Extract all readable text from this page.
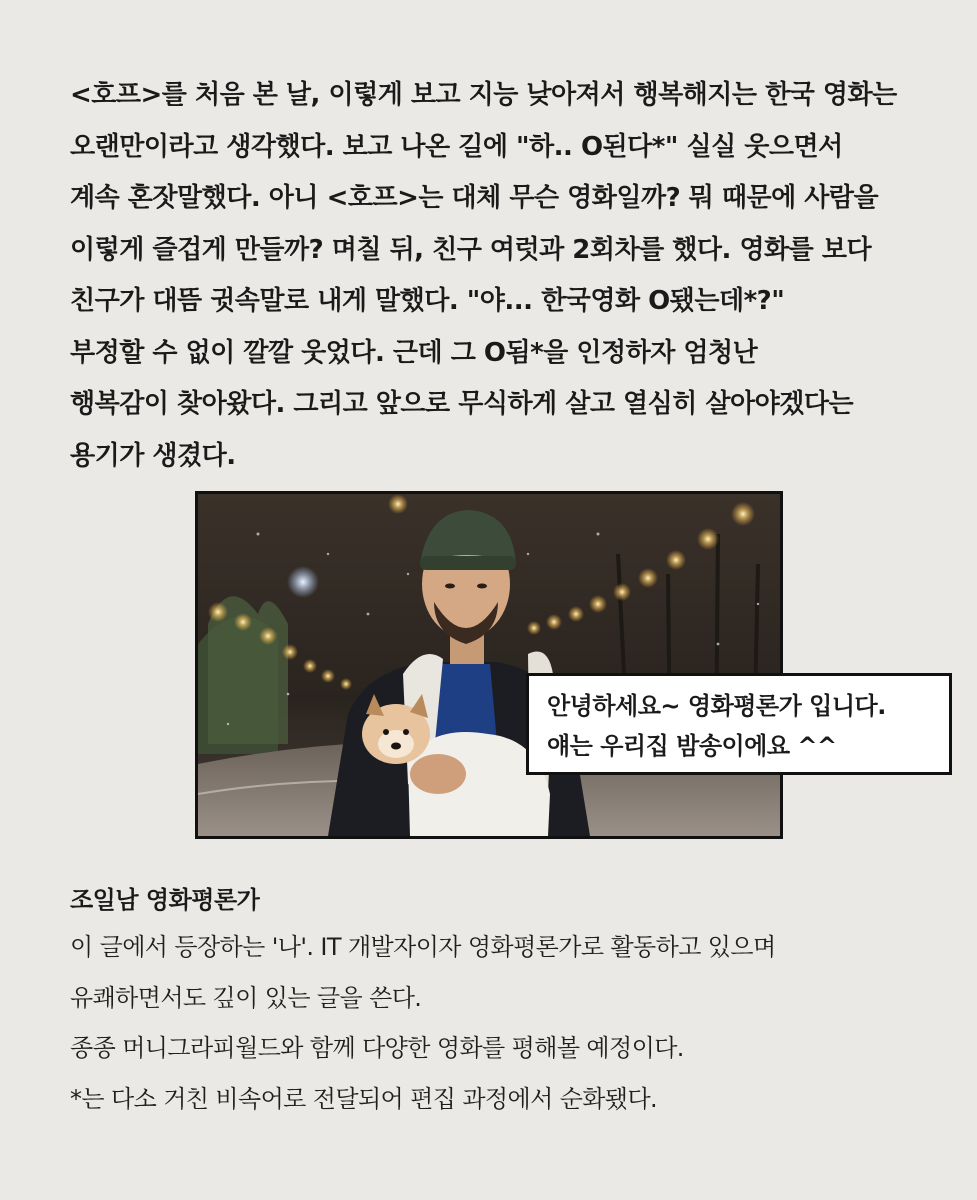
<호프>를 처음 본 날, 이렇게 보고 지능 낮아져서 행복해지는 한국 영화는
오랜만이라고 생각했다. 보고 나온 길에 "하.. O된다*" 실실 웃으면서
계속 혼잣말했다. 아니 <호프>는 대체 무슨 영화일까? 뭐 때문에 사람을
이렇게 즐겁게 만들까? 며칠 뒤, 친구 여럿과 2회차를 했다. 영화를 보다
친구가 대뜸 귓속말로 내게 말했다. "야... 한국영화 O됐는데*?"
부정할 수 없이 깔깔 웃었다. 근데 그 O됨*을 인정하자 엄청난
행복감이 찾아왔다. 그리고 앞으로 무식하게 살고 열심히 살아야겠다는
용기가 생겼다.
안녕하세요~ 영화평론가 입니다.
얘는 우리집 밤송이에요 ^^
조일남 영화평론가
이 글에서 등장하는 '나'. IT 개발자이자 영화평론가로 활동하고 있으며
유쾌하면서도 깊이 있는 글을 쓴다.
종종 머니그라피월드와 함께 다양한 영화를 평해볼 예정이다.
*는 다소 거친 비속어로 전달되어 편집 과정에서 순화됐다.
